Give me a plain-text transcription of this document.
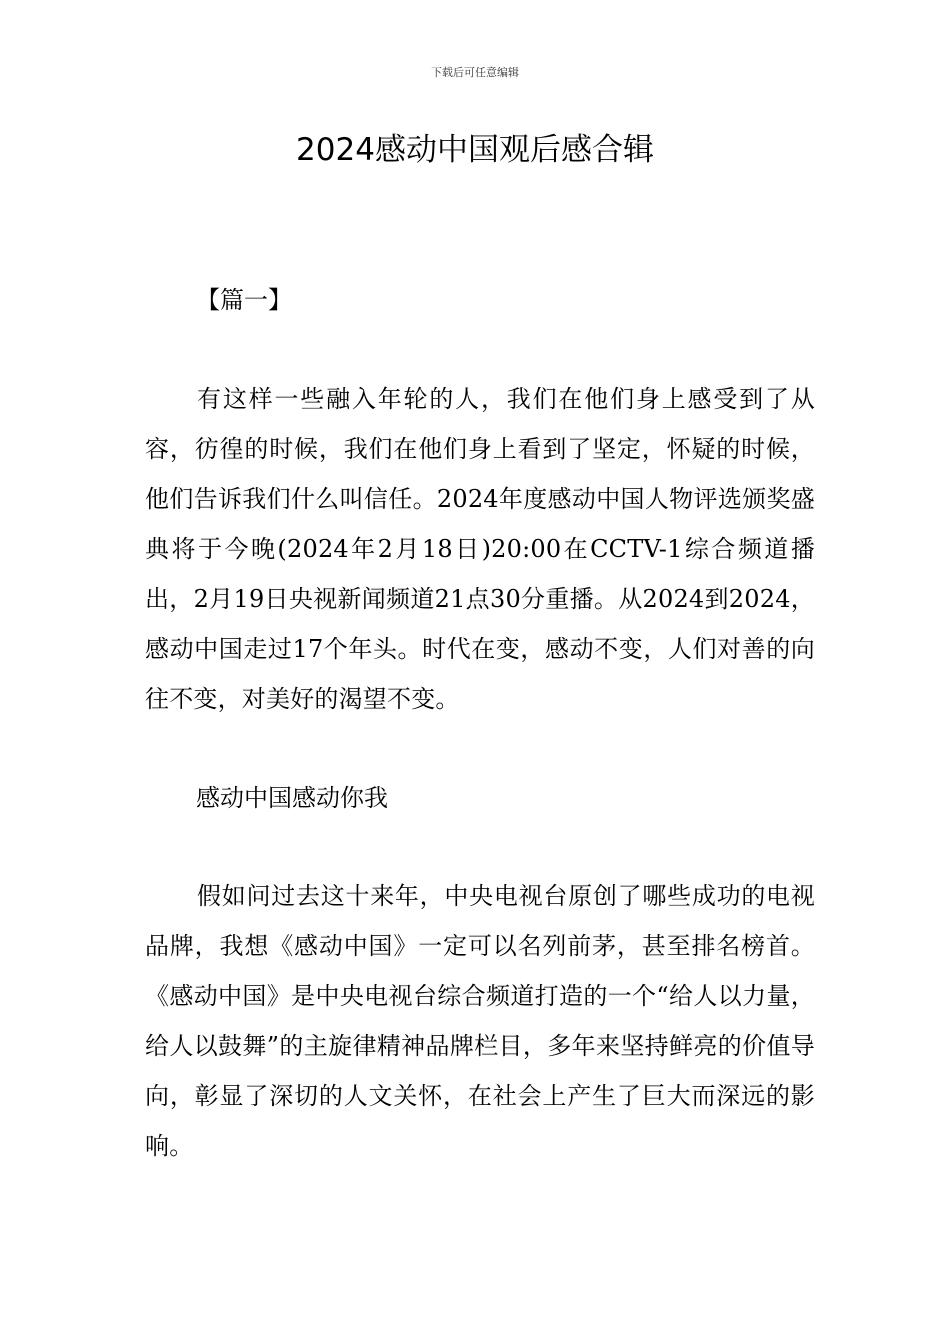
下载后可任意编辑
2024感动中国观后感合辑
【篇一】

有这样一些融入年轮的人，我们在他们身上感受到了从容，彷徨的时候，我们在他们身上看到了坚定，怀疑的时候，他们告诉我们什么叫信任。2024年度感动中国人物评选颁奖盛典将于今晚(2024年2月18日)20:00在CCTV-1综合频道播出，2月19日央视新闻频道21点30分重播。从2024到2024，感动中国走过17个年头。时代在变，感动不变，人们对善的向往不变，对美好的渴望不变。

感动中国感动你我

假如问过去这十来年，中央电视台原创了哪些成功的电视品牌，我想《感动中国》一定可以名列前茅，甚至排名榜首。《感动中国》是中央电视台综合频道打造的一个“给人以力量，给人以鼓舞”的主旋律精神品牌栏目，多年来坚持鲜亮的价值导向，彰显了深切的人文关怀，在社会上产生了巨大而深远的影响。
